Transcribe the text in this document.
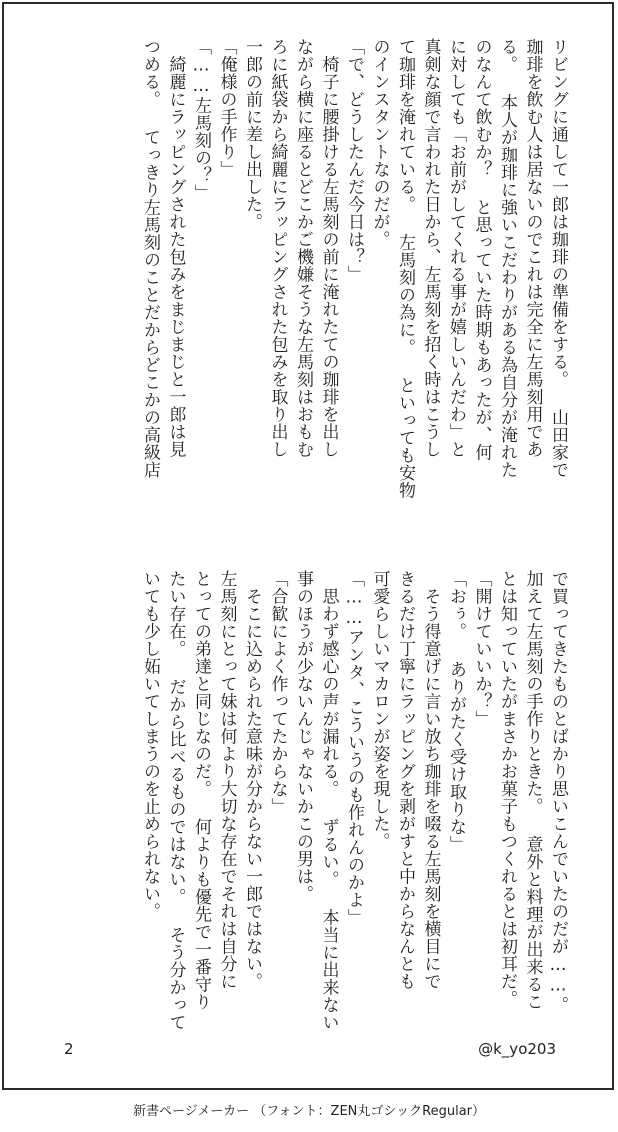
リビングに通して一郎は珈琲の準備をする。 山田家で
珈琲を飲む人は居ないのでこれは完全に左馬刻用であ
る。 本人が珈琲に強いこだわりがある為自分が淹れた
のなんて飲むか？ と思っていた時期もあったが、何
に対しても「お前がしてくれる事が嬉しいんだわ」と
真剣な顔で言われた日から、左馬刻を招く時はこうし
て珈琲を淹れている。 左馬刻の為に。 といっても安物
のインスタントなのだが。
「で、どうしたんだ今日は？」
　椅子に腰掛ける左馬刻の前に淹れたての珈琲を出し
ながら横に座るとどこかご機嫌そうな左馬刻はおもむ
ろに紙袋から綺麗にラッピングされた包みを取り出し
一郎の前に差し出した。
「俺様の手作り」
「……左馬刻の？」
　綺麗にラッピングされた包みをまじまじと一郎は見
つめる。 てっきり左馬刻のことだからどこかの高級店
で買ってきたものとばかり思いこんでいたのだが……。
加えて左馬刻の手作りときた。 意外と料理が出来るこ
とは知っていたがまさかお菓子もつくれるとは初耳だ。
「開けていいか？」
「おぅ。 ありがたく受け取りな」
　そう得意げに言い放ち珈琲を啜る左馬刻を横目にで
きるだけ丁寧にラッピングを剥がすと中からなんとも
可愛らしいマカロンが姿を現した。
「……アンタ、こういうのも作れんのかよ」
　思わず感心の声が漏れる。 ずるい。 本当に出来ない
事のほうが少ないんじゃないかこの男は。
「合歓によく作ってたからな」
　そこに込められた意味が分からない一郎ではない。
左馬刻にとって妹は何より大切な存在でそれは自分に
とっての弟達と同じなのだ。 何よりも優先で一番守り
たい存在。 だから比べるものではない。 そう分かって
いても少し妬いてしまうのを止められない。
2	@k_yo203
新書ページメーカー （フォント：ZEN丸ゴシックRegular）
